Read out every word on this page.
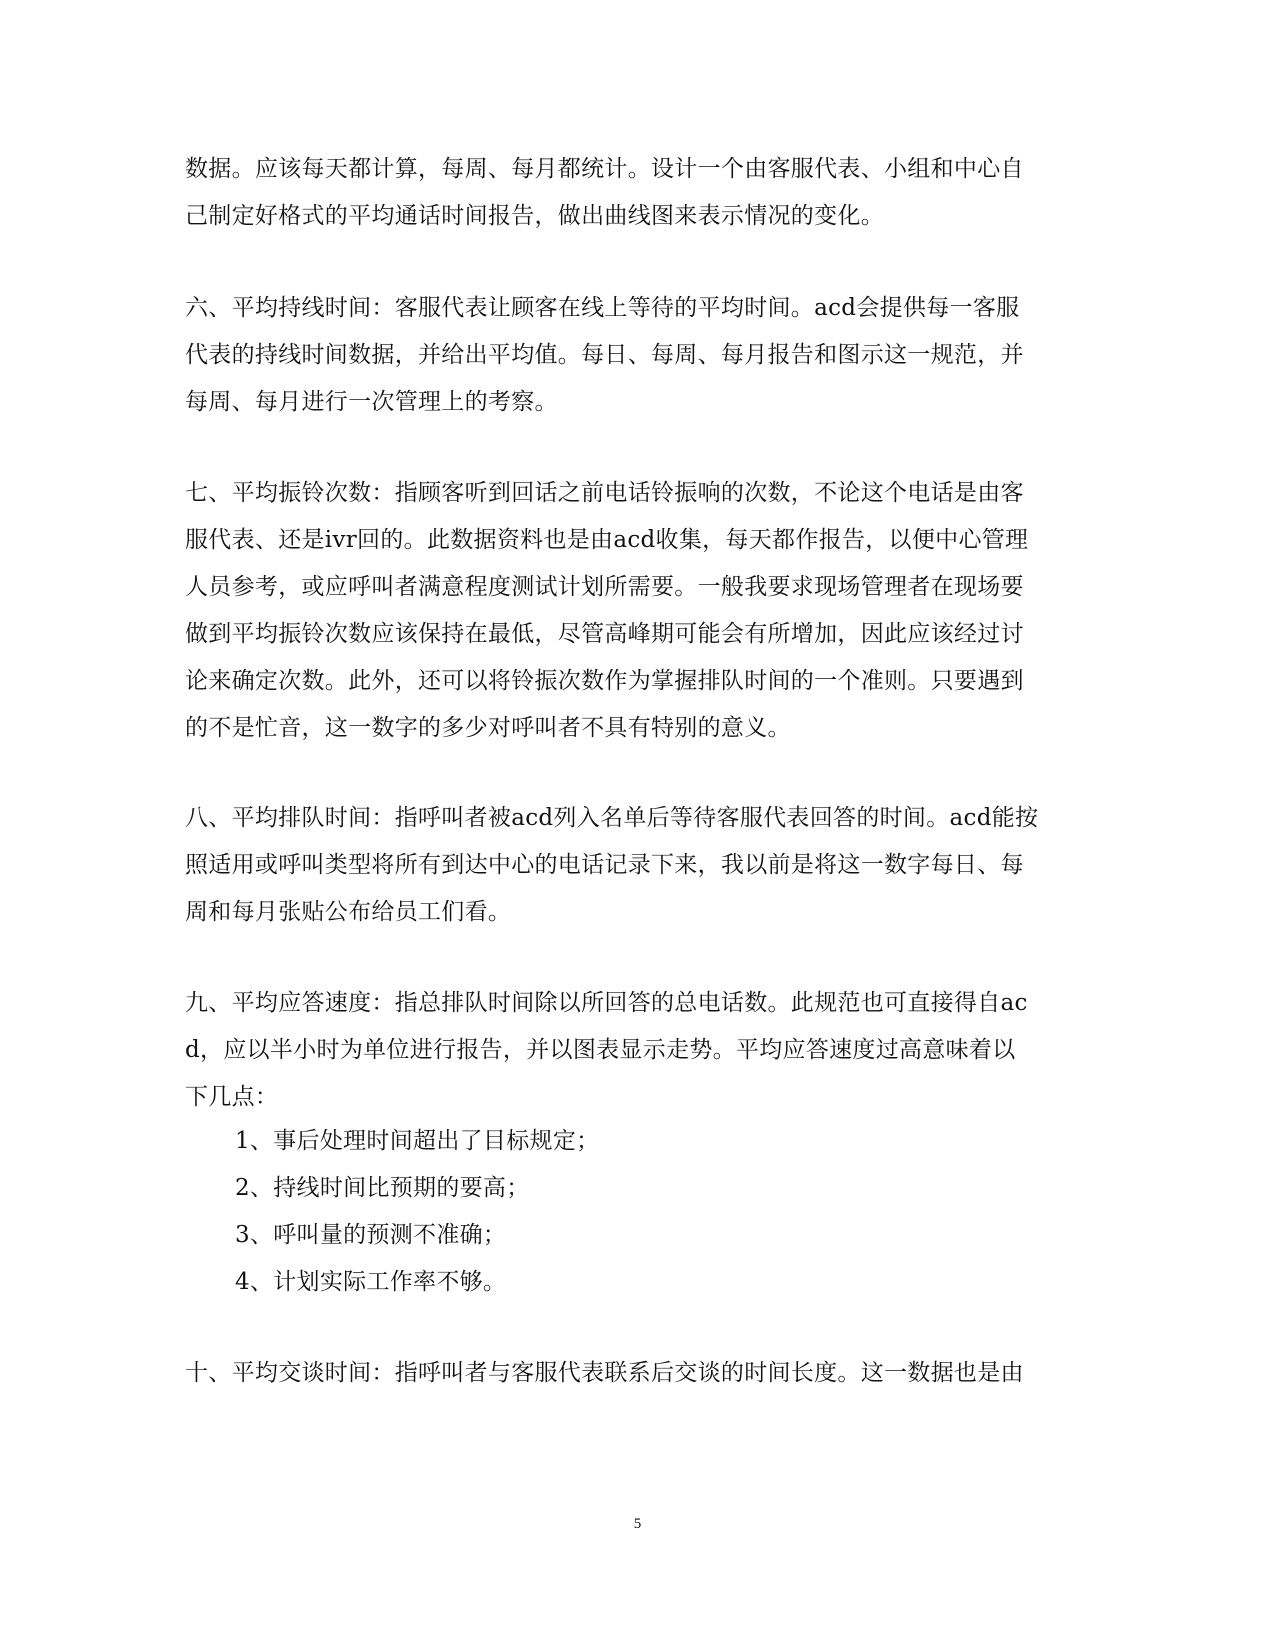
数据。应该每天都计算，每周、每月都统计。设计一个由客服代表、小组和中心自
己制定好格式的平均通话时间报告，做出曲线图来表示情况的变化。
六、平均持线时间：客服代表让顾客在线上等待的平均时间。acd会提供每一客服
代表的持线时间数据，并给出平均值。每日、每周、每月报告和图示这一规范，并
每周、每月进行一次管理上的考察。
七、平均振铃次数：指顾客听到回话之前电话铃振响的次数，不论这个电话是由客
服代表、还是ivr回的。此数据资料也是由acd收集，每天都作报告，以便中心管理
人员参考，或应呼叫者满意程度测试计划所需要。一般我要求现场管理者在现场要
做到平均振铃次数应该保持在最低，尽管高峰期可能会有所增加，因此应该经过讨
论来确定次数。此外，还可以将铃振次数作为掌握排队时间的一个准则。只要遇到
的不是忙音，这一数字的多少对呼叫者不具有特别的意义。
八、平均排队时间：指呼叫者被acd列入名单后等待客服代表回答的时间。acd能按
照适用或呼叫类型将所有到达中心的电话记录下来，我以前是将这一数字每日、每
周和每月张贴公布给员工们看。
九、平均应答速度：指总排队时间除以所回答的总电话数。此规范也可直接得自ac
d，应以半小时为单位进行报告，并以图表显示走势。平均应答速度过高意味着以
下几点：
1、事后处理时间超出了目标规定；
2、持线时间比预期的要高；
3、呼叫量的预测不准确；
4、计划实际工作率不够。
十、平均交谈时间：指呼叫者与客服代表联系后交谈的时间长度。这一数据也是由
5
